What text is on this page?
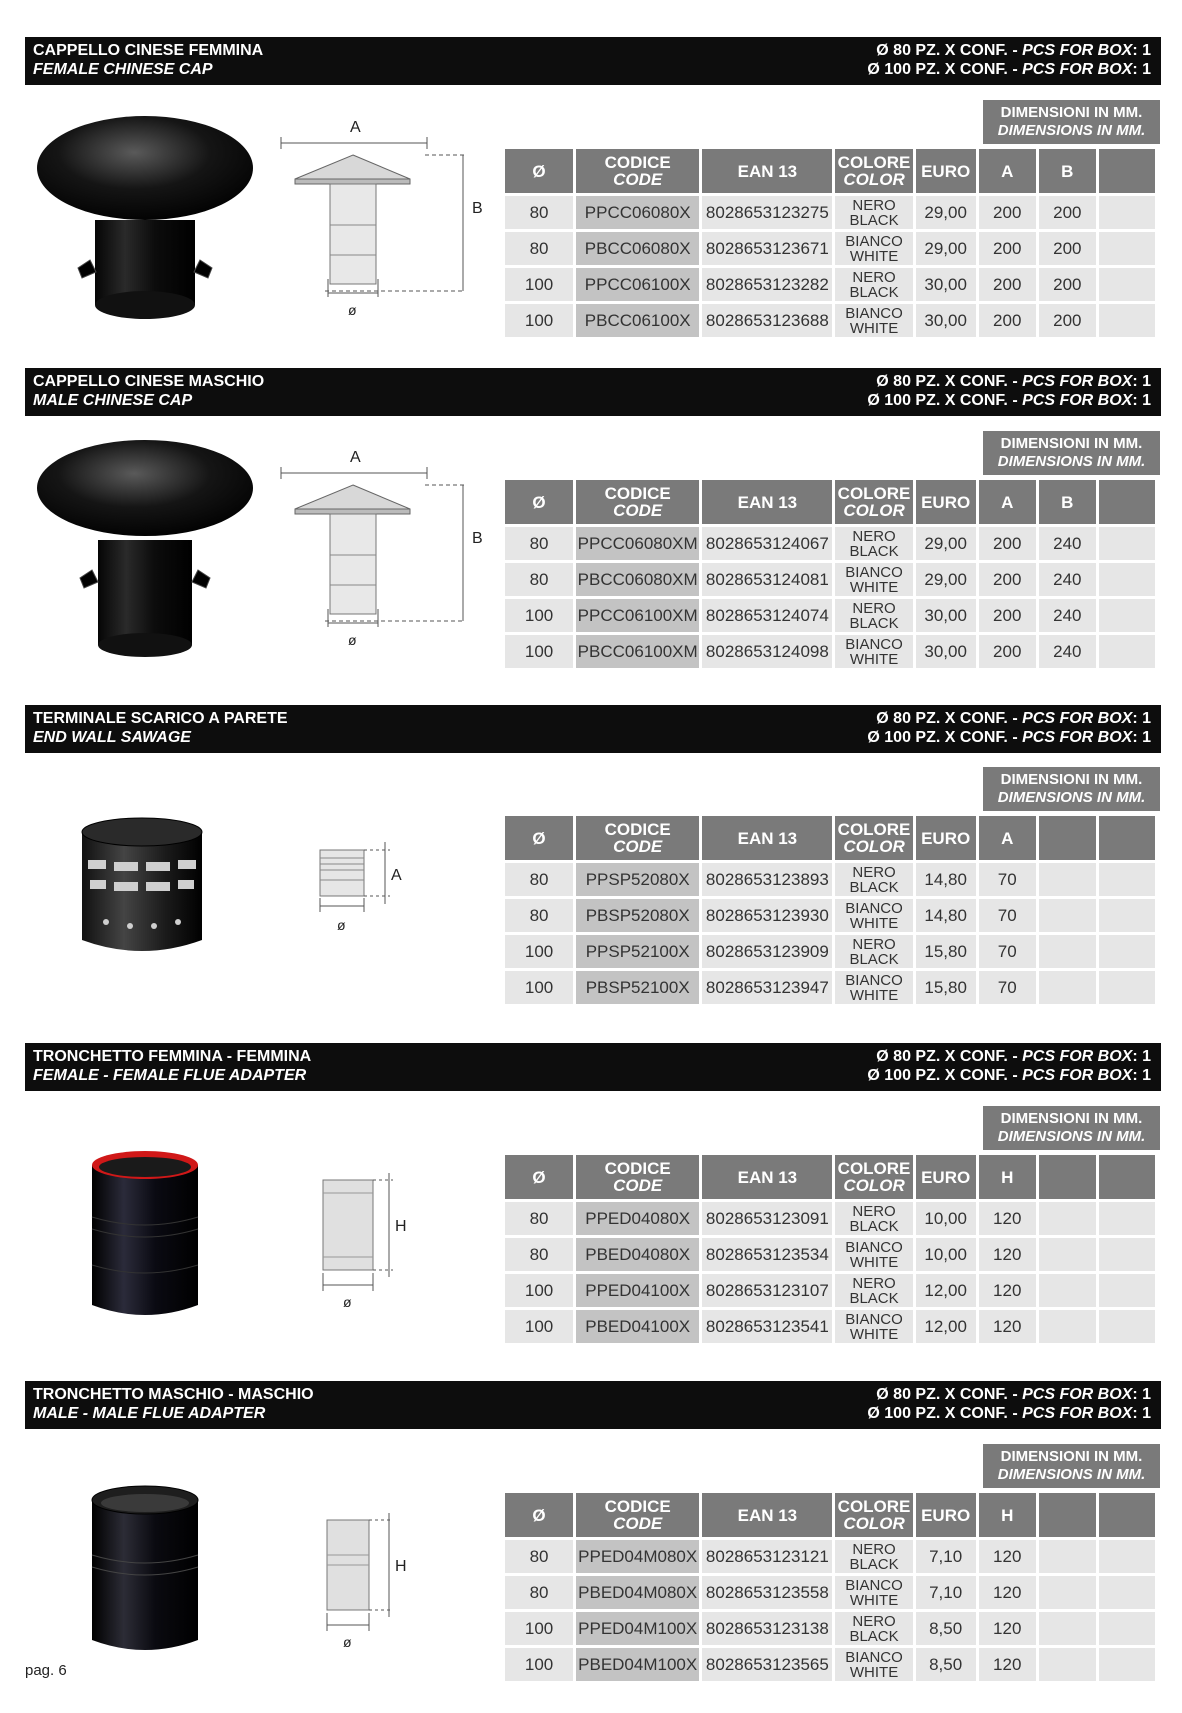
CAPPELLO CINESE FEMMINA
FEMALE CHINESE CAP
Ø 80 PZ. X CONF. - PCS FOR BOX: 1
Ø 100 PZ. X CONF. - PCS FOR BOX: 1
A
B
ø
DIMENSIONI IN MM.
DIMENSIONS IN MM.
Ø	CODICE
CODE	EAN 13	COLORE
COLOR	EURO	A	B	
80	PPCC06080X	8028653123275	NERO
BLACK	29,00	200	200	
80	PBCC06080X	8028653123671	BIANCO
WHITE	29,00	200	200	
100	PPCC06100X	8028653123282	NERO
BLACK	30,00	200	200	
100	PBCC06100X	8028653123688	BIANCO
WHITE	30,00	200	200	
CAPPELLO CINESE MASCHIO
MALE CHINESE CAP
Ø 80 PZ. X CONF. - PCS FOR BOX: 1
Ø 100 PZ. X CONF. - PCS FOR BOX: 1
A
B
ø
DIMENSIONI IN MM.
DIMENSIONS IN MM.
Ø	CODICE
CODE	EAN 13	COLORE
COLOR	EURO	A	B	
80	PPCC06080XM	8028653124067	NERO
BLACK	29,00	200	240	
80	PBCC06080XM	8028653124081	BIANCO
WHITE	29,00	200	240	
100	PPCC06100XM	8028653124074	NERO
BLACK	30,00	200	240	
100	PBCC06100XM	8028653124098	BIANCO
WHITE	30,00	200	240	
TERMINALE SCARICO A PARETE
END WALL SAWAGE
Ø 80 PZ. X CONF. - PCS FOR BOX: 1
Ø 100 PZ. X CONF. - PCS FOR BOX: 1
A
ø
DIMENSIONI IN MM.
DIMENSIONS IN MM.
Ø	CODICE
CODE	EAN 13	COLORE
COLOR	EURO	A		
80	PPSP52080X	8028653123893	NERO
BLACK	14,80	70		
80	PBSP52080X	8028653123930	BIANCO
WHITE	14,80	70		
100	PPSP52100X	8028653123909	NERO
BLACK	15,80	70		
100	PBSP52100X	8028653123947	BIANCO
WHITE	15,80	70		
TRONCHETTO FEMMINA - FEMMINA
FEMALE - FEMALE FLUE ADAPTER
Ø 80 PZ. X CONF. - PCS FOR BOX: 1
Ø 100 PZ. X CONF. - PCS FOR BOX: 1
H
ø
DIMENSIONI IN MM.
DIMENSIONS IN MM.
Ø	CODICE
CODE	EAN 13	COLORE
COLOR	EURO	H		
80	PPED04080X	8028653123091	NERO
BLACK	10,00	120		
80	PBED04080X	8028653123534	BIANCO
WHITE	10,00	120		
100	PPED04100X	8028653123107	NERO
BLACK	12,00	120		
100	PBED04100X	8028653123541	BIANCO
WHITE	12,00	120		
TRONCHETTO MASCHIO - MASCHIO
MALE - MALE FLUE ADAPTER
Ø 80 PZ. X CONF. - PCS FOR BOX: 1
Ø 100 PZ. X CONF. - PCS FOR BOX: 1
H
ø
DIMENSIONI IN MM.
DIMENSIONS IN MM.
Ø	CODICE
CODE	EAN 13	COLORE
COLOR	EURO	H		
80	PPED04M080X	8028653123121	NERO
BLACK	7,10	120		
80	PBED04M080X	8028653123558	BIANCO
WHITE	7,10	120		
100	PPED04M100X	8028653123138	NERO
BLACK	8,50	120		
100	PBED04M100X	8028653123565	BIANCO
WHITE	8,50	120		
pag. 6
